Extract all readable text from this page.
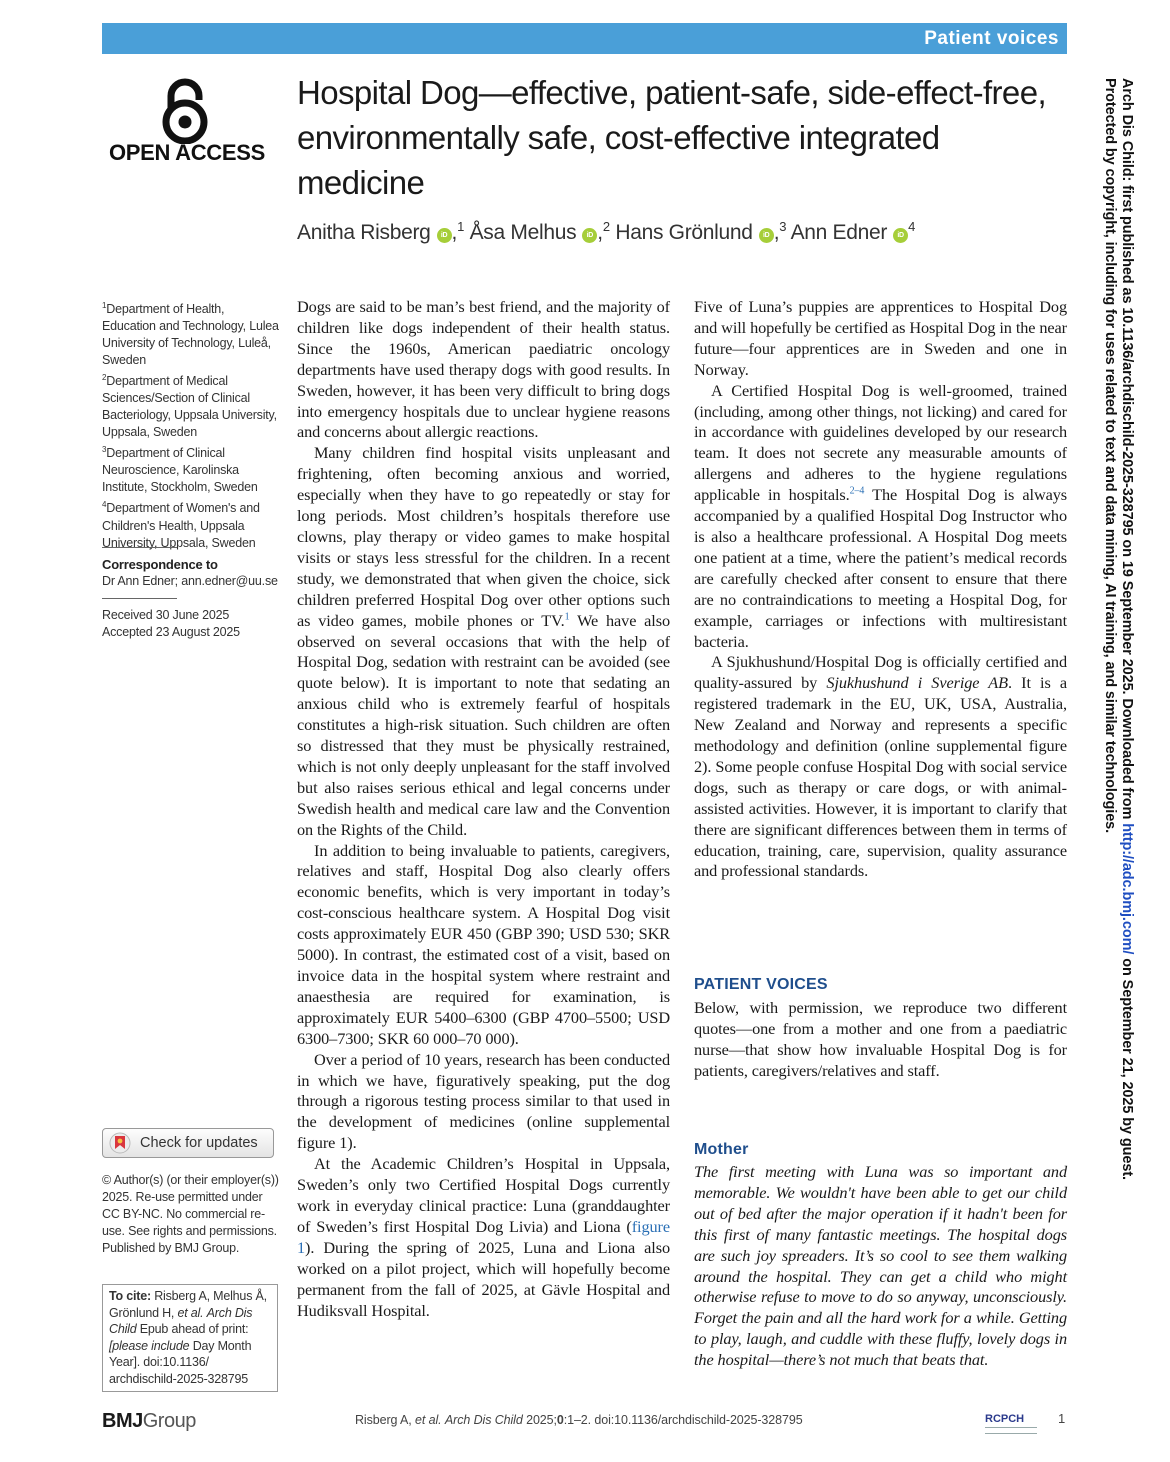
Patient voices
OPEN ACCESS
Hospital Dog—effective, patient-safe, side-effect-free, environmentally safe, cost-effective integrated medicine
Anitha Risberg iD ,$^1$ Åsa Melhus iD ,$^2$ Hans Grönlund iD ,$^3$ Ann Edner $iD^4$

$^1$Department of Health, Education and Technology, Lulea University of Technology, Luleå, Sweden

$^2$Department of Medical Sciences/Section of Clinical Bacteriology, Uppsala University, Uppsala, Sweden

$^3$Department of Clinical Neuroscience, Karolinska Institute, Stockholm, Sweden

$^4$Department of Women's and Children's Health, Uppsala University, Uppsala, Sweden

Correspondence to
Dr Ann Edner; ann.edner@uu.se
Received 30 June 2025
Accepted 23 August 2025
Check for updates
© Author(s) (or their employer(s)) 2025. Re-use permitted under CC BY-NC. No commercial re-use. See rights and permissions. Published by BMJ Group.
To cite: Risberg A, Melhus Å, Grönlund H, et al. Arch Dis Child Epub ahead of print: [please include Day Month Year]. doi:10.1136/ archdischild-2025-328795

Dogs are said to be man’s best friend, and the majority of children like dogs independent of their health status. Since the 1960s, American paediatric oncology departments have used therapy dogs with good results. In Sweden, however, it has been very difficult to bring dogs into emergency hospitals due to unclear hygiene reasons and concerns about allergic reactions.

Many children find hospital visits unpleasant and frightening, often becoming anxious and worried, especially when they have to go repeatedly or stay for long periods. Most children’s hospitals therefore use clowns, play therapy or video games to make hospital visits or stays less stressful for the children. In a recent study, we demonstrated that when given the choice, sick children preferred Hospital Dog over other options such as video games, mobile phones or TV.$^1$ We have also observed on several occasions that with the help of Hospital Dog, sedation with restraint can be avoided (see quote below). It is important to note that sedating an anxious child who is extremely fearful of hospitals constitutes a high-risk situation. Such children are often so distressed that they must be physically restrained, which is not only deeply unpleasant for the staff involved but also raises serious ethical and legal concerns under Swedish health and medical care law and the Convention on the Rights of the Child.

In addition to being invaluable to patients, caregivers, relatives and staff, Hospital Dog also clearly offers economic benefits, which is very important in today’s cost-conscious healthcare system. A Hospital Dog visit costs approximately EUR 450 (GBP 390; USD 530; SKR 5000). In contrast, the estimated cost of a visit, based on invoice data in the hospital system where restraint and anaesthesia are required for examination, is approximately EUR 5400–6300 (GBP 4700–5500; USD 6300–7300; SKR 60 000–70 000).

Over a period of 10 years, research has been conducted in which we have, figuratively speaking, put the dog through a rigorous testing process similar to that used in the development of medicines (online supplemental figure 1).

At the Academic Children’s Hospital in Uppsala, Sweden’s only two Certified Hospital Dogs currently work in everyday clinical practice: Luna (granddaughter of Sweden’s first Hospital Dog Livia) and Liona (figure 1). During the spring of 2025, Luna and Liona also worked on a pilot project, which will hopefully become permanent from the fall of 2025, at Gävle Hospital and Hudiksvall Hospital.

Five of Luna’s puppies are apprentices to Hospital Dog and will hopefully be certified as Hospital Dog in the near future—four apprentices are in Sweden and one in Norway.

A Certified Hospital Dog is well-groomed, trained (including, among other things, not licking) and cared for in accordance with guidelines developed by our research team. It does not secrete any measurable amounts of allergens and adheres to the hygiene regulations applicable in hospitals.$^{2-4}$ The Hospital Dog is always accompanied by a qualified Hospital Dog Instructor who is also a healthcare professional. A Hospital Dog meets one patient at a time, where the patient’s medical records are carefully checked after consent to ensure that there are no contraindications to meeting a Hospital Dog, for example, carriages or infections with multiresistant bacteria.

A Sjukhushund/Hospital Dog is officially certified and quality-assured by Sjukhushund i Sverige AB. It is a registered trademark in the EU, UK, USA, Australia, New Zealand and Norway and represents a specific methodology and definition (online supplemental figure 2). Some people confuse Hospital Dog with social service dogs, such as therapy or care dogs, or with animal-assisted activities. However, it is important to clarify that there are significant differences between them in terms of education, training, care, supervision, quality assurance and professional standards.

PATIENT VOICES

Below, with permission, we reproduce two different quotes—one from a mother and one from a paediatric nurse—that show how invaluable Hospital Dog is for patients, caregivers/relatives and staff.

Mother

The first meeting with Luna was so important and memorable. We wouldn't have been able to get our child out of bed after the major operation if it hadn't been for this first of many fantastic meetings. The hospital dogs are such joy spreaders. It’s so cool to see them walking around the hospital. They can get a child who might otherwise refuse to move to do so anyway, unconsciously. Forget the pain and all the hard work for a while. Getting to play, laugh, and cuddle with these fluffy, lovely dogs in the hospital—there’s not much that beats that.

BMJGroup	Risberg A, et al. Arch Dis Child 2025;0:1–2. doi:10.1136/archdischild-2025-328795	RCPCH	1
Arch Dis Child: first published as 10.1136/archdischild-2025-328795 on 19 September 2025. Downloaded from http://adc.bmj.com/ on September 21, 2025 by guest.
Protected by copyright, including for uses related to text and data mining, AI training, and similar technologies.
